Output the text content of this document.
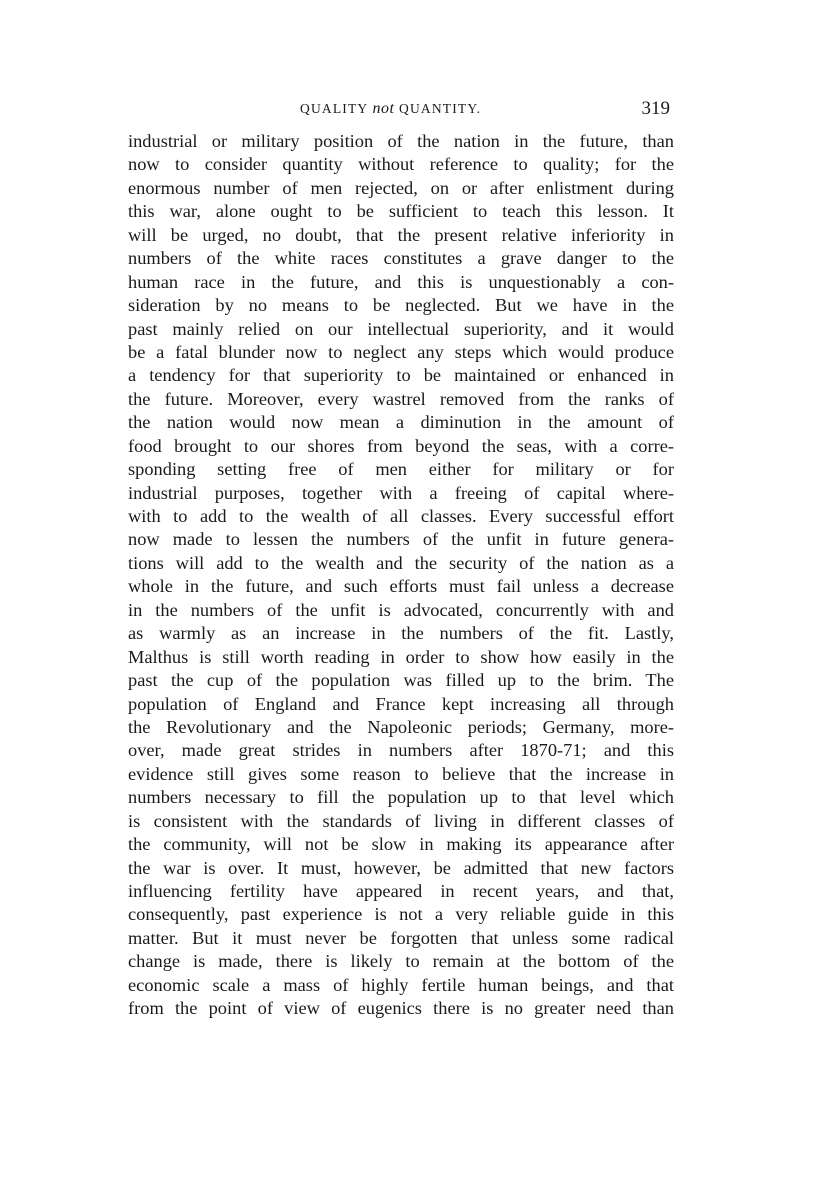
QUALITY not QUANTITY.	319
industrial or military position of the nation in the future, than
now to consider quantity without reference to quality; for the
enormous number of men rejected, on or after enlistment during
this war, alone ought to be sufficient to teach this lesson. It
will be urged, no doubt, that the present relative inferiority in
numbers of the white races constitutes a grave danger to the
human race in the future, and this is unquestionably a con-
sideration by no means to be neglected. But we have in the
past mainly relied on our intellectual superiority, and it would
be a fatal blunder now to neglect any steps which would produce
a tendency for that superiority to be maintained or enhanced in
the future. Moreover, every wastrel removed from the ranks of
the nation would now mean a diminution in the amount of
food brought to our shores from beyond the seas, with a corre-
sponding setting free of men either for military or for
industrial purposes, together with a freeing of capital where-
with to add to the wealth of all classes. Every successful effort
now made to lessen the numbers of the unfit in future genera-
tions will add to the wealth and the security of the nation as a
whole in the future, and such efforts must fail unless a decrease
in the numbers of the unfit is advocated, concurrently with and
as warmly as an increase in the numbers of the fit. Lastly,
Malthus is still worth reading in order to show how easily in the
past the cup of the population was filled up to the brim. The
population of England and France kept increasing all through
the Revolutionary and the Napoleonic periods; Germany, more-
over, made great strides in numbers after 1870-71; and this
evidence still gives some reason to believe that the increase in
numbers necessary to fill the population up to that level which
is consistent with the standards of living in different classes of
the community, will not be slow in making its appearance after
the war is over. It must, however, be admitted that new factors
influencing fertility have appeared in recent years, and that,
consequently, past experience is not a very reliable guide in this
matter. But it must never be forgotten that unless some radical
change is made, there is likely to remain at the bottom of the
economic scale a mass of highly fertile human beings, and that
from the point of view of eugenics there is no greater need than
